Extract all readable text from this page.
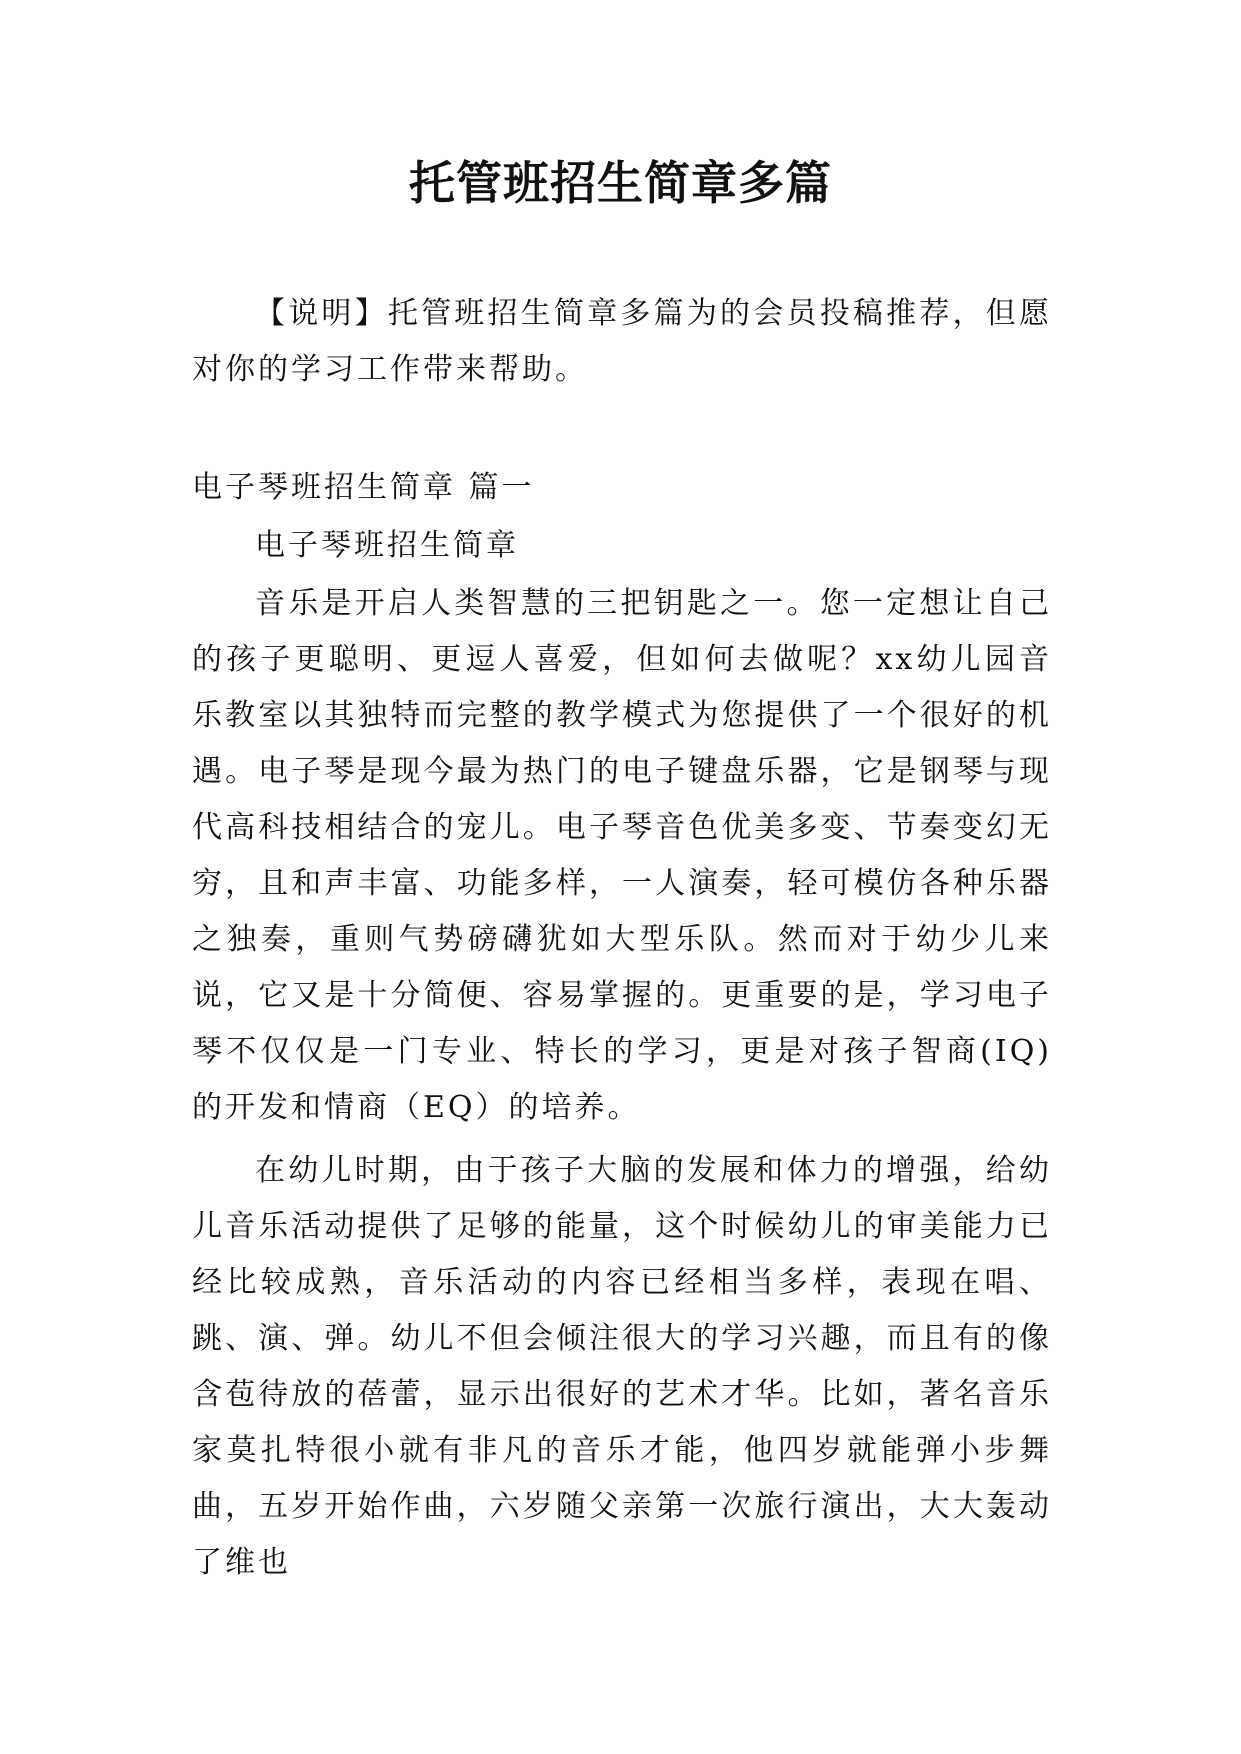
托管班招生简章多篇
【说明】托管班招生简章多篇为的会员投稿推荐，但愿对你的学习工作带来帮助。
电子琴班招生简章 篇一
电子琴班招生简章
音乐是开启人类智慧的三把钥匙之一。您一定想让自己的孩子更聪明、更逗人喜爱，但如何去做呢？xx幼儿园音乐教室以其独特而完整的教学模式为您提供了一个很好的机遇。电子琴是现今最为热门的电子键盘乐器，它是钢琴与现代高科技相结合的宠儿。电子琴音色优美多变、节奏变幻无穷，且和声丰富、功能多样，一人演奏，轻可模仿各种乐器之独奏，重则气势磅礴犹如大型乐队。然而对于幼少儿来说，它又是十分简便、容易掌握的。更重要的是，学习电子琴不仅仅是一门专业、特长的学习，更是对孩子智商(IQ)的开发和情商（EQ）的培养。
在幼儿时期，由于孩子大脑的发展和体力的增强，给幼儿音乐活动提供了足够的能量，这个时候幼儿的审美能力已经比较成熟，音乐活动的内容已经相当多样，表现在唱、跳、演、弹。幼儿不但会倾注很大的学习兴趣，而且有的像含苞待放的蓓蕾，显示出很好的艺术才华。比如，著名音乐家莫扎特很小就有非凡的音乐才能，他四岁就能弹小步舞曲，五岁开始作曲，六岁随父亲第一次旅行演出，大大轰动了维也
